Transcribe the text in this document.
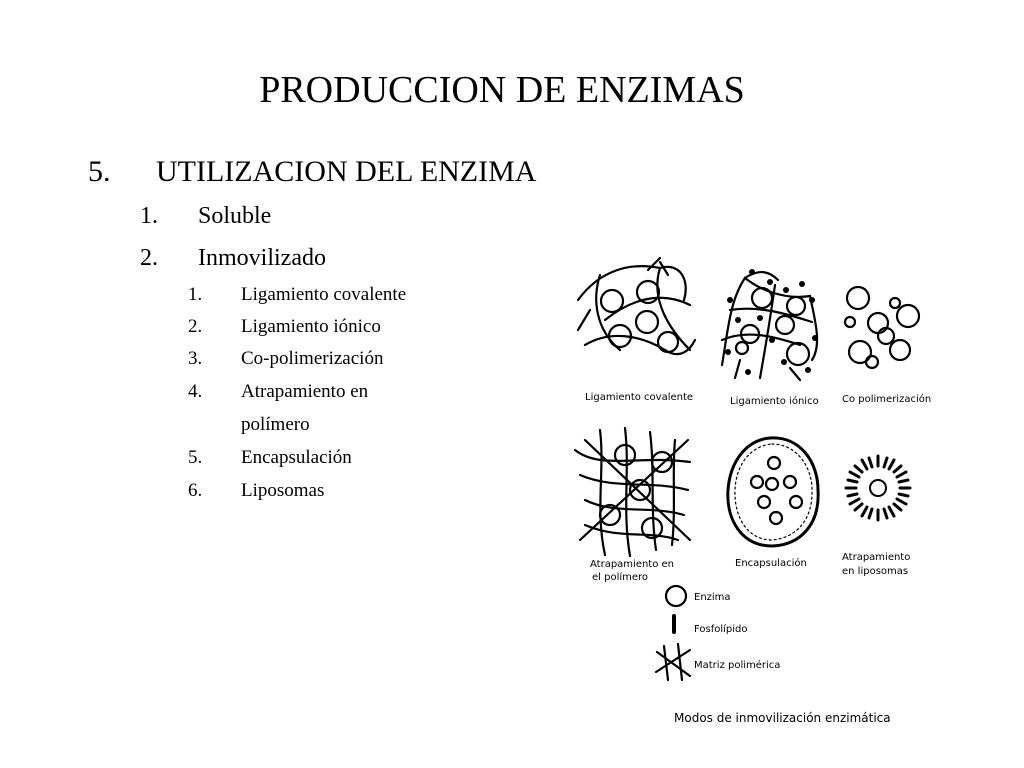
PRODUCCION DE ENZIMAS
5. UTILIZACION DEL ENZIMA
1. Soluble
2. Inmovilizado
1. Ligamiento covalente
2. Ligamiento iónico
3. Co-polimerización
4. Atrapamiento en
polímero
5. Encapsulación
6. Liposomas
Ligamiento covalente	Ligamiento iónico Co polimerización
Atrapamiento en
el polímero
Encapsulación
Atrapamiento
en liposomas
Enzima
Fosfolípido
Matriz polimérica
Modos de inmovilización enzimática
